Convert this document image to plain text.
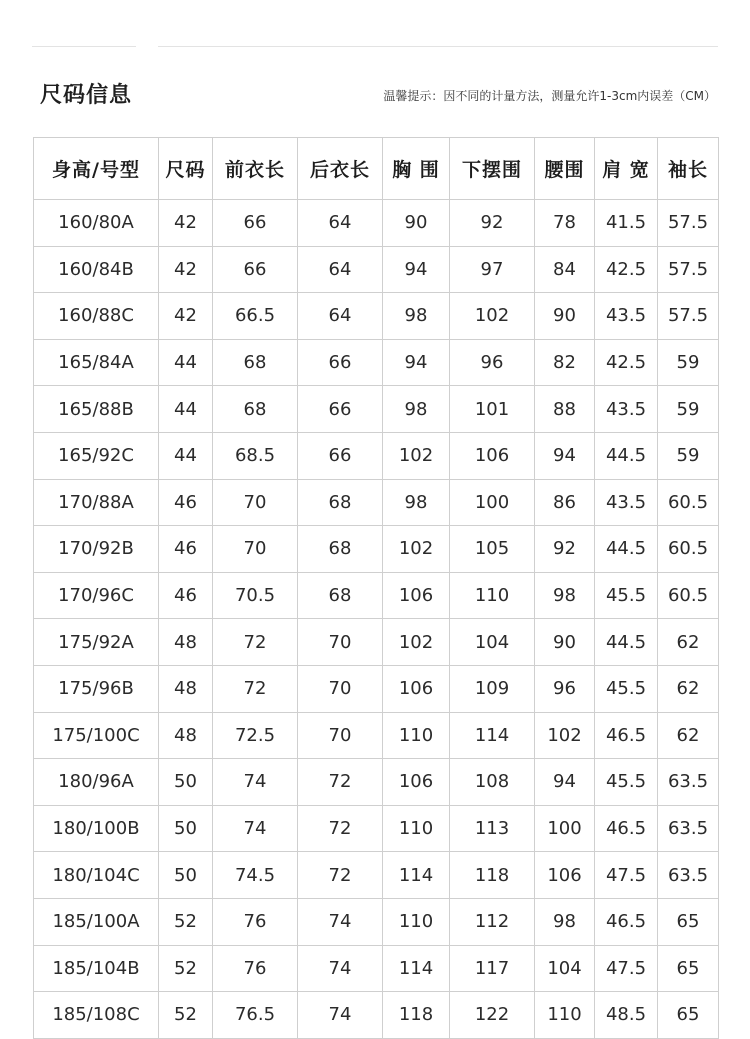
尺码信息	温馨提示：因不同的计量方法，测量允许1-3cm内误差（CM）
身高/号型	尺码	前衣长	后衣长	胸 围	下摆围	腰围	肩 宽	袖长
160/80A	42	66	64	90	92	78	41.5	57.5
160/84B	42	66	64	94	97	84	42.5	57.5
160/88C	42	66.5	64	98	102	90	43.5	57.5
165/84A	44	68	66	94	96	82	42.5	59
165/88B	44	68	66	98	101	88	43.5	59
165/92C	44	68.5	66	102	106	94	44.5	59
170/88A	46	70	68	98	100	86	43.5	60.5
170/92B	46	70	68	102	105	92	44.5	60.5
170/96C	46	70.5	68	106	110	98	45.5	60.5
175/92A	48	72	70	102	104	90	44.5	62
175/96B	48	72	70	106	109	96	45.5	62
175/100C	48	72.5	70	110	114	102	46.5	62
180/96A	50	74	72	106	108	94	45.5	63.5
180/100B	50	74	72	110	113	100	46.5	63.5
180/104C	50	74.5	72	114	118	106	47.5	63.5
185/100A	52	76	74	110	112	98	46.5	65
185/104B	52	76	74	114	117	104	47.5	65
185/108C	52	76.5	74	118	122	110	48.5	65
